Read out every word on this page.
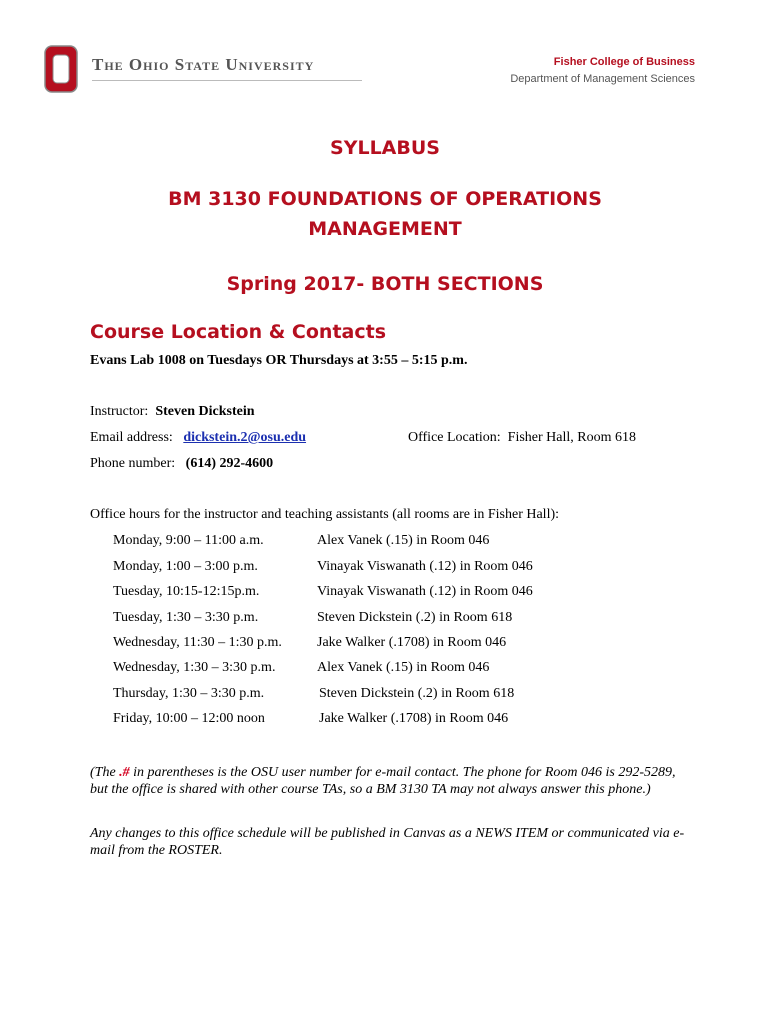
The Ohio State University	Fisher College of Business
Department of Management Sciences
SYLLABUS
BM 3130 FOUNDATIONS OF OPERATIONS
MANAGEMENT
Spring 2017- BOTH SECTIONS
Course Location & Contacts
Evans Lab 1008 on Tuesdays OR Thursdays at 3:55 – 5:15 p.m.
Instructor: Steven Dickstein
Email address: dickstein.2@osu.edu	Office Location: Fisher Hall, Room 618
Phone number: (614) 292-4600
Office hours for the instructor and teaching assistants (all rooms are in Fisher Hall):
Monday, 9:00 – 11:00 a.m.	Alex Vanek (.15) in Room 046
Monday, 1:00 – 3:00 p.m.	Vinayak Viswanath (.12) in Room 046
Tuesday, 10:15-12:15p.m.	Vinayak Viswanath (.12) in Room 046
Tuesday, 1:30 – 3:30 p.m.	Steven Dickstein (.2) in Room 618
Wednesday, 11:30 – 1:30 p.m.	Jake Walker (.1708) in Room 046
Wednesday, 1:30 – 3:30 p.m.	Alex Vanek (.15) in Room 046
Thursday, 1:30 – 3:30 p.m.	Steven Dickstein (.2) in Room 618
Friday, 10:00 – 12:00 noon	Jake Walker (.1708) in Room 046
(The .# in parentheses is the OSU user number for e-mail contact. The phone for Room 046 is 292-5289, but the office is shared with other course TAs, so a BM 3130 TA may not always answer this phone.)
Any changes to this office schedule will be published in Canvas as a NEWS ITEM or communicated via e-mail from the ROSTER.
